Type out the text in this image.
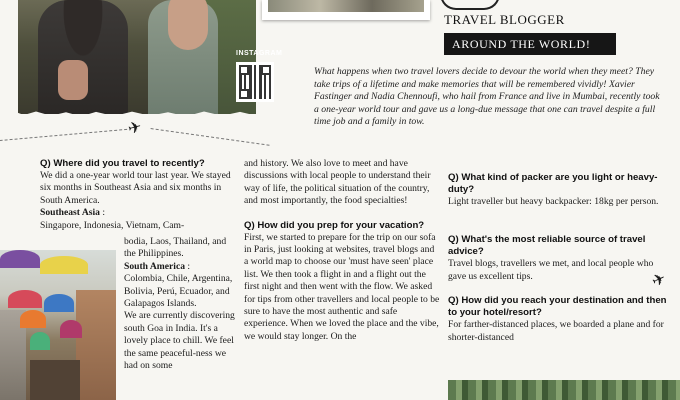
INSTAGRAM
TRAVEL BLOGGER
AROUND THE WORLD!
What happens when two travel lovers decide to devour the world when they meet? They take trips of a lifetime and make memories that will be remembered vividly! Xavier Fastinger and Nadia Chennoufi, who hail from France and live in Mumbai, recently took a one-year world tour and gave us a long-due message that one can travel despite a full time job and a family in tow.
✈
✈
Q) Where did you travel to recently?
We did a one-year world tour last year. We stayed six months in Southeast Asia and six months in South America.
Southeast Asia :
Singapore, Indonesia, Vietnam, Cam-
bodia, Laos, Thailand, and the Philippines.
South America :
Colombia, Chile, Argentina, Bolivia, Perú, Ecuador, and Galapagos Islands.
We are currently discovering south Goa in India. It's a lovely place to chill. We feel the same peaceful-ness we had on some
and history. We also love to meet and have discussions with local people to understand their way of life, the political situation of the country, and most importantly, the food specialties!
Q) How did you prep for your vacation?
First, we started to prepare for the trip on our sofa in Paris, just looking at websites, travel blogs and a world map to choose our 'must have seen' place list. We then took a flight in and a flight out the first night and then went with the flow. We asked for tips from other travellers and local people to be sure to have the most authentic and safe experience. When we loved the place and the vibe, we would stay longer. On the
Q) What kind of packer are you light or heavy-duty?
Light traveller but heavy backpacker: 18kg per person.
Q) What's the most reliable source of travel advice?
Travel blogs, travellers we met, and local people who gave us excellent tips.
Q) How did you reach your destination and then to your hotel/resort?
For farther-distanced places, we boarded a plane and for shorter-distanced
